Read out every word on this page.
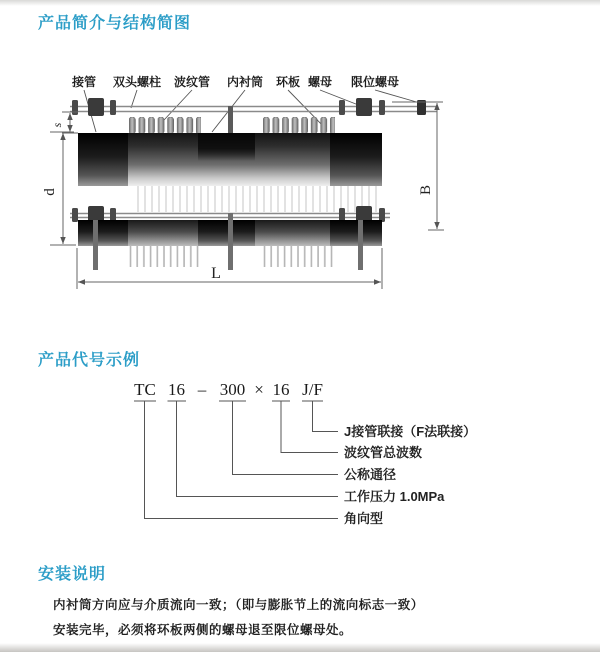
产品简介与结构简图
接管 双头螺柱 波纹管 内衬筒 环板 螺母 限位螺母
s
d	B
L
产品代号示例
TC 16 – 300 × 16 J/F
J接管联接（F法联接）
波纹管总波数
公称通径
工作压力 1.0MPa
角向型
安装说明
内衬筒方向应与介质流向一致；（即与膨胀节上的流向标志一致）
安装完毕，必须将环板两侧的螺母退至限位螺母处。
